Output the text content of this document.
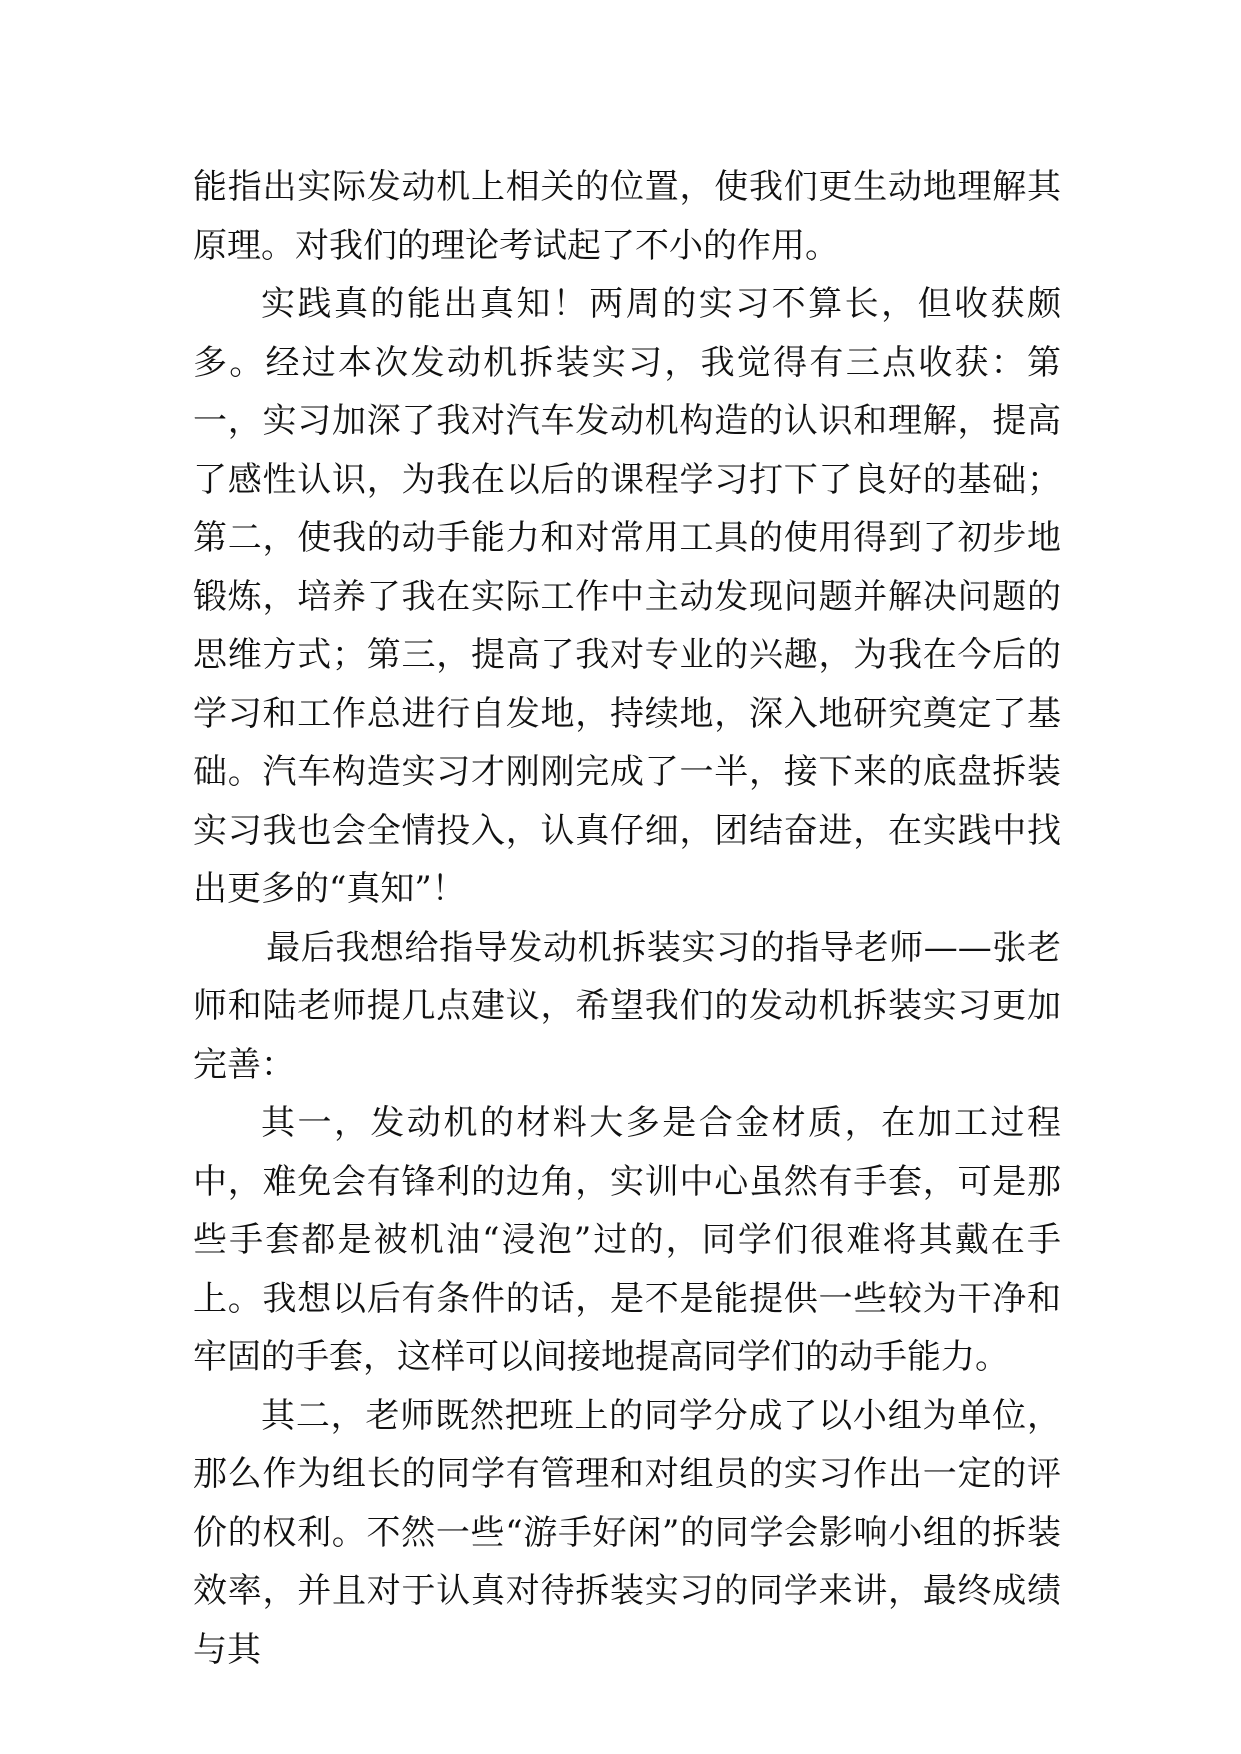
能指出实际发动机上相关的位置，使我们更生动地理解其原理。对我们的理论考试起了不小的作用。

实践真的能出真知！两周的实习不算长，但收获颇多。经过本次发动机拆装实习，我觉得有三点收获：第一，实习加深了我对汽车发动机构造的认识和理解，提高了感性认识，为我在以后的课程学习打下了良好的基础；第二，使我的动手能力和对常用工具的使用得到了初步地锻炼，培养了我在实际工作中主动发现问题并解决问题的思维方式；第三，提高了我对专业的兴趣，为我在今后的学习和工作总进行自发地，持续地，深入地研究奠定了基础。汽车构造实习才刚刚完成了一半，接下来的底盘拆装实习我也会全情投入，认真仔细，团结奋进，在实践中找出更多的“真知”！

最后我想给指导发动机拆装实习的指导老师——张老师和陆老师提几点建议，希望我们的发动机拆装实习更加完善：

其一，发动机的材料大多是合金材质，在加工过程中，难免会有锋利的边角，实训中心虽然有手套，可是那些手套都是被机油“浸泡”过的，同学们很难将其戴在手上。我想以后有条件的话，是不是能提供一些较为干净和牢固的手套，这样可以间接地提高同学们的动手能力。

其二，老师既然把班上的同学分成了以小组为单位，那么作为组长的同学有管理和对组员的实习作出一定的评价的权利。不然一些“游手好闲”的同学会影响小组的拆装效率，并且对于认真对待拆装实习的同学来讲，最终成绩与其
